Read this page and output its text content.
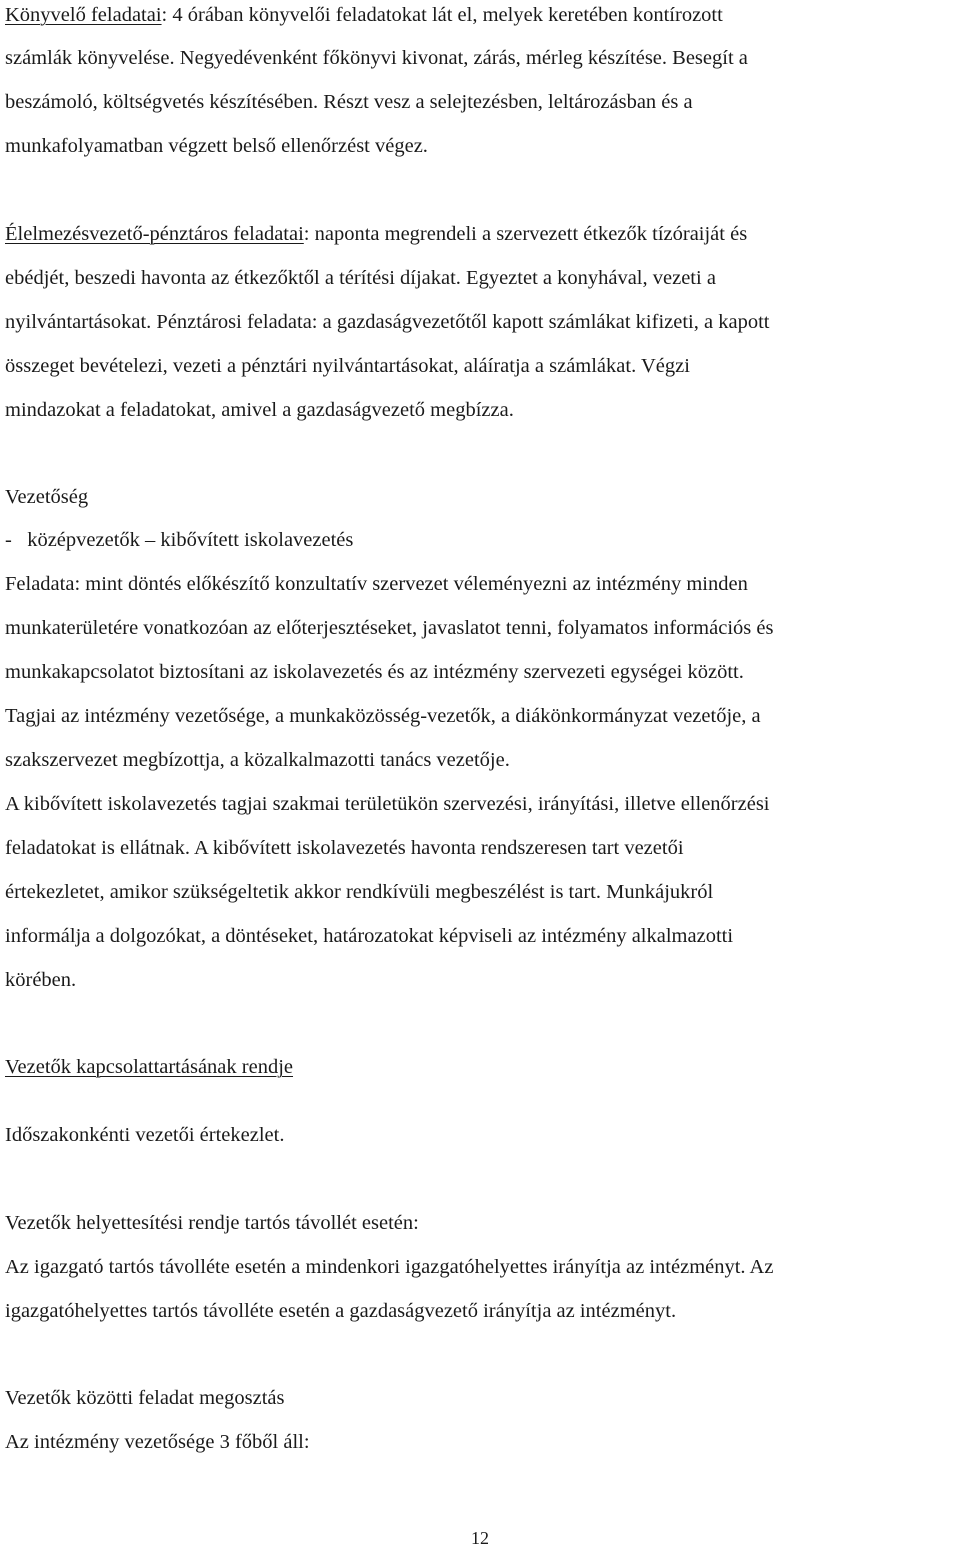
Könyvelő feladatai: 4 órában könyvelői feladatokat lát el, melyek keretében kontírozott

számlák könyvelése. Negyedévenként főkönyvi kivonat, zárás, mérleg készítése. Besegít a

beszámoló, költségvetés készítésében. Részt vesz a selejtezésben, leltározásban és a

munkafolyamatban végzett belső ellenőrzést végez.

Élelmezésvezető-pénztáros feladatai: naponta megrendeli a szervezett étkezők tízóraiját és

ebédjét, beszedi havonta az étkezőktől a térítési díjakat. Egyeztet a konyhával, vezeti a

nyilvántartásokat. Pénztárosi feladata: a gazdaságvezetőtől kapott számlákat kifizeti, a kapott

összeget bevételezi, vezeti a pénztári nyilvántartásokat, aláíratja a számlákat. Végzi

mindazokat a feladatokat, amivel a gazdaságvezető megbízza.

Vezetőség

-   középvezetők – kibővített iskolavezetés

Feladata: mint döntés előkészítő konzultatív szervezet véleményezni az intézmény minden

munkaterületére vonatkozóan az előterjesztéseket, javaslatot tenni, folyamatos információs és

munkakapcsolatot biztosítani az iskolavezetés és az intézmény szervezeti egységei között.

Tagjai az intézmény vezetősége, a munkaközösség-vezetők, a diákönkormányzat vezetője, a

szakszervezet megbízottja, a közalkalmazotti tanács vezetője.

A kibővített iskolavezetés tagjai szakmai területükön szervezési, irányítási, illetve ellenőrzési

feladatokat is ellátnak. A kibővített iskolavezetés havonta rendszeresen tart vezetői

értekezletet, amikor szükségeltetik akkor rendkívüli megbeszélést is tart. Munkájukról

informálja a dolgozókat, a döntéseket, határozatokat képviseli az intézmény alkalmazotti

körében.

Vezetők kapcsolattartásának rendje

Időszakonkénti vezetői értekezlet.

Vezetők helyettesítési rendje tartós távollét esetén:

Az igazgató tartós távolléte esetén a mindenkori igazgatóhelyettes irányítja az intézményt. Az

igazgatóhelyettes tartós távolléte esetén a gazdaságvezető irányítja az intézményt.

Vezetők közötti feladat megosztás

Az intézmény vezetősége 3 főből áll:

12
